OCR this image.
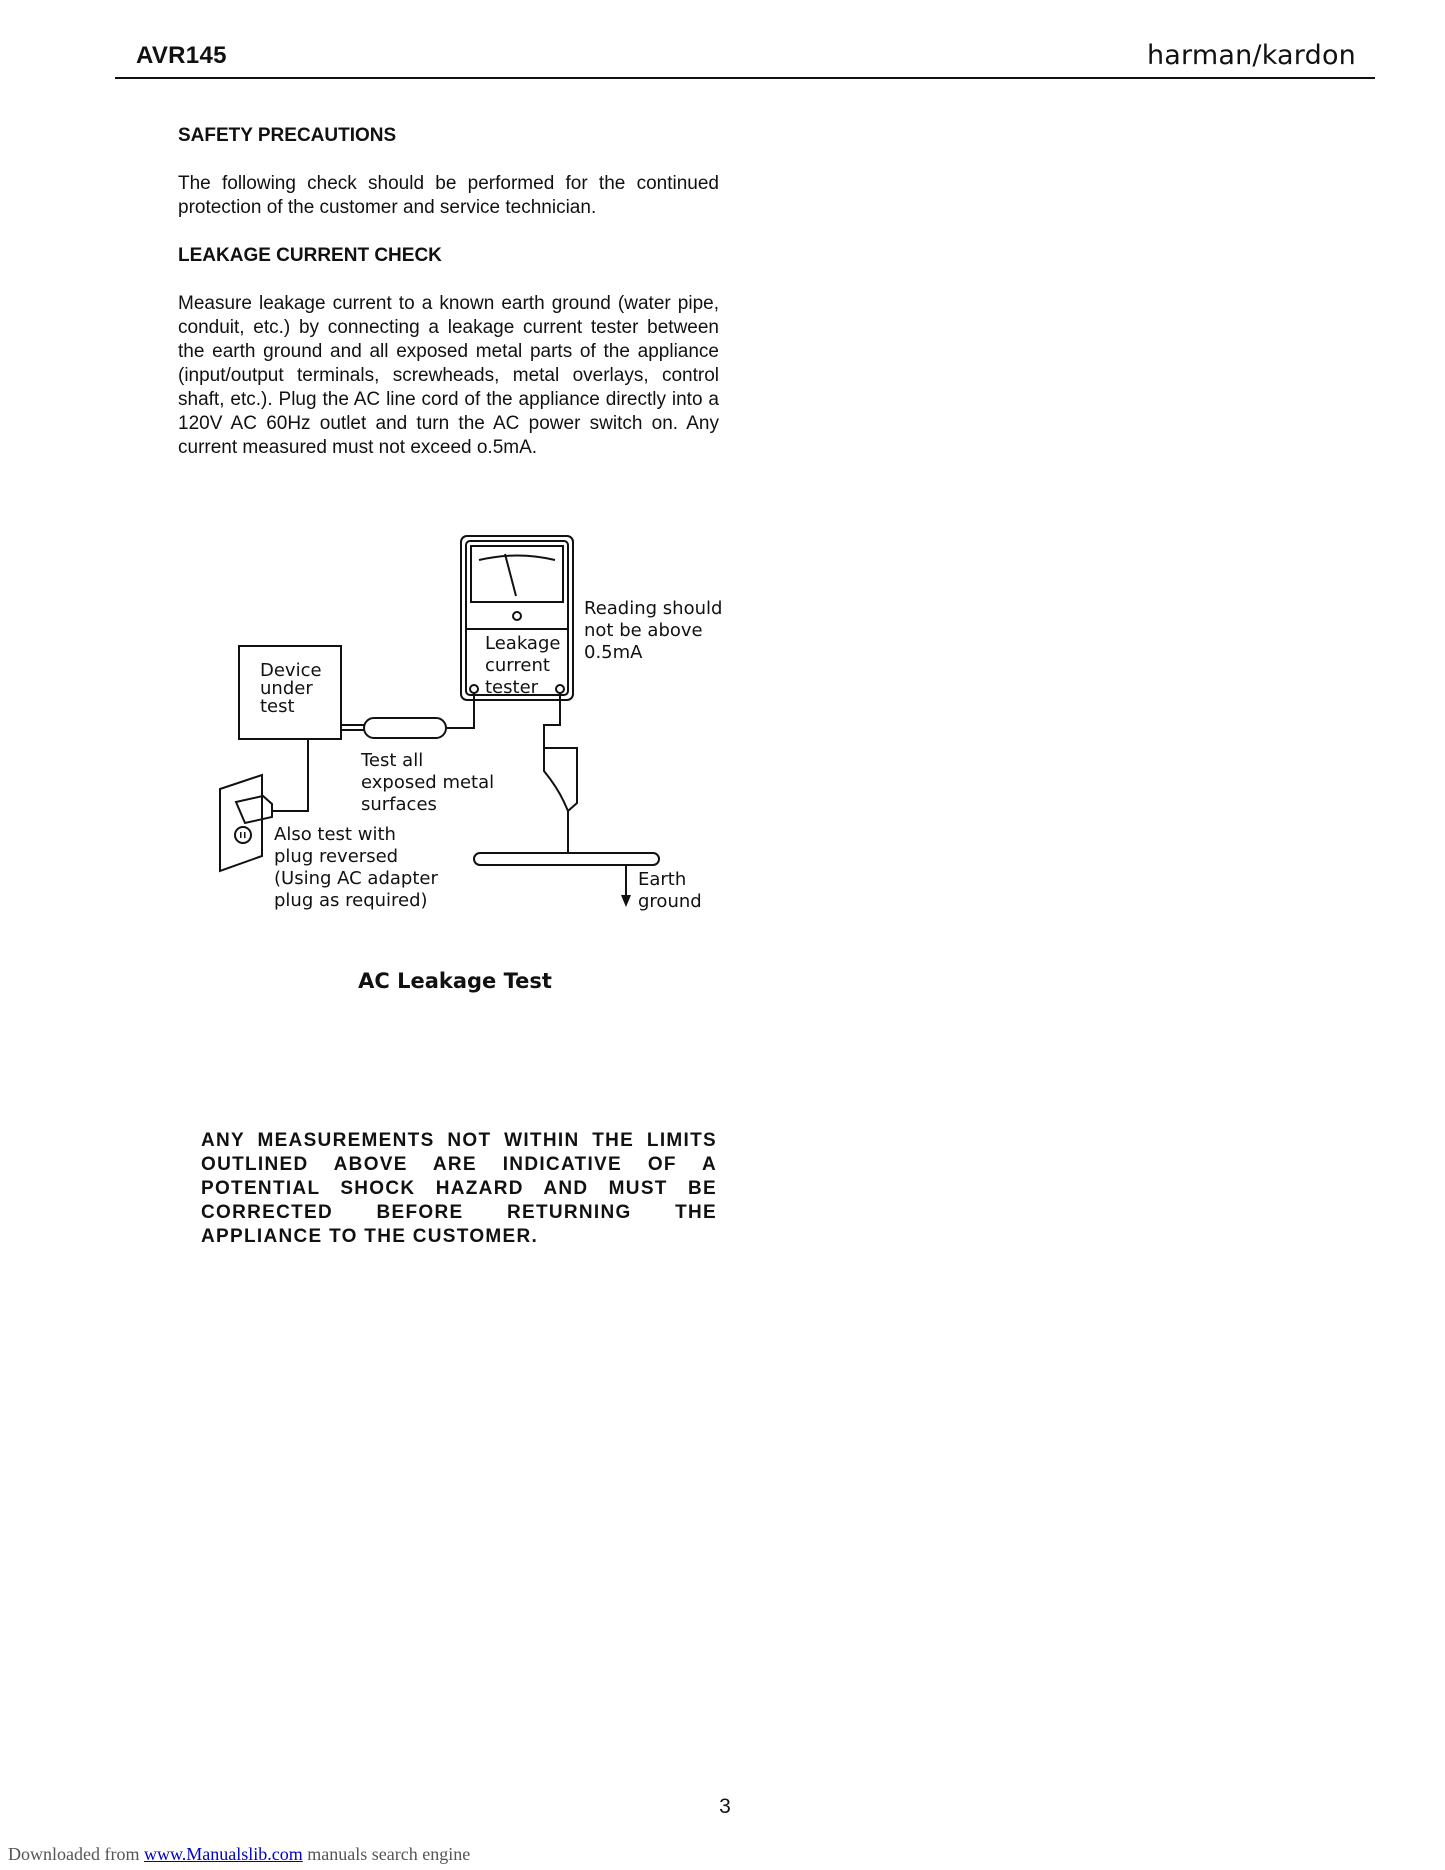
AVR145	harman/kardon
SAFETY PRECAUTIONS
The following check should be performed for the continued protection of the customer and service technician.
LEAKAGE CURRENT CHECK
Measure leakage current to a known earth ground (water pipe, conduit, etc.) by connecting a leakage current tester between the earth ground and all exposed metal parts of the appliance (input/output terminals, screwheads, metal overlays, control shaft, etc.). Plug the AC line cord of the appliance directly into a 120V AC 60Hz outlet and turn the AC power switch on. Any current measured must not exceed o.5mA.
Leakage current tester
Reading should not be above 0.5mA
Device under test
Test all exposed metal surfaces
Also test with plug reversed (Using AC adapter plug as required)
Earth ground
AC Leakage Test
ANY MEASUREMENTS NOT WITHIN THE LIMITS OUTLINED ABOVE ARE INDICATIVE OF A POTENTIAL SHOCK HAZARD AND MUST BE CORRECTED BEFORE RETURNING THE APPLIANCE TO THE CUSTOMER.
3
Downloaded from www.Manualslib.com manuals search engine
